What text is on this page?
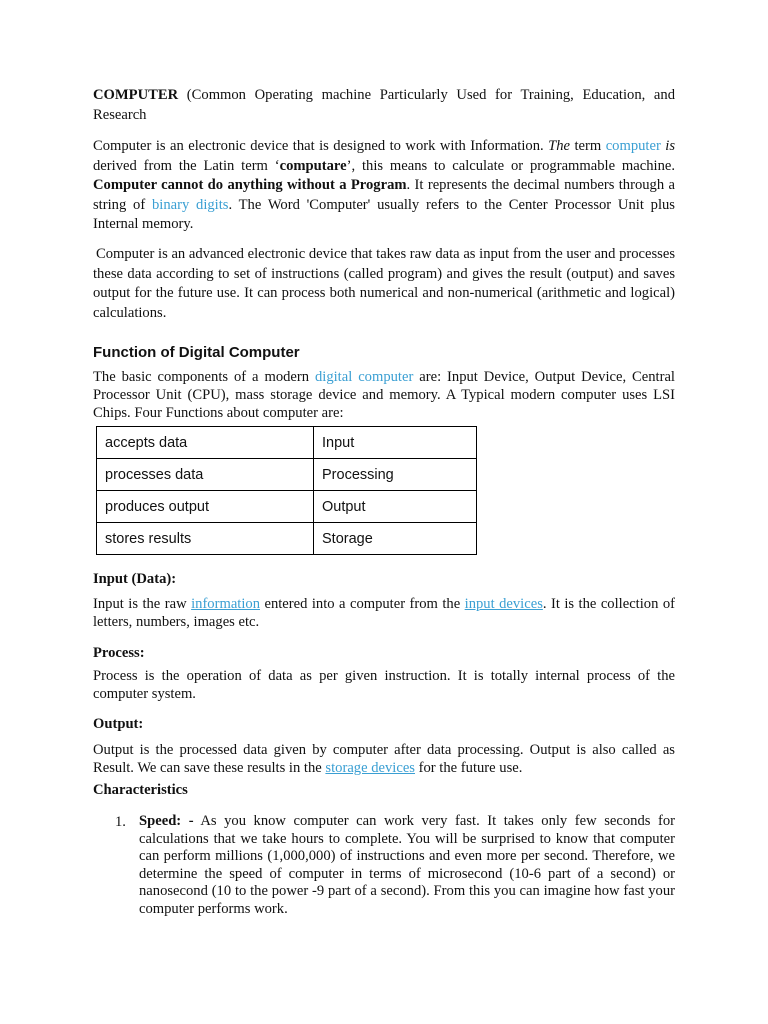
COMPUTER (Common Operating machine Particularly Used for Training, Education, and Research

Computer is an electronic device that is designed to work with Information. The term computer is derived from the Latin term ‘computare’, this means to calculate or programmable machine. Computer cannot do anything without a Program. It represents the decimal numbers through a string of binary digits. The Word 'Computer' usually refers to the Center Processor Unit plus Internal memory.

Computer is an advanced electronic device that takes raw data as input from the user and processes these data according to set of instructions (called program) and gives the result (output) and saves output for the future use. It can process both numerical and non-numerical (arithmetic and logical) calculations.

Function of Digital Computer

The basic components of a modern digital computer are: Input Device, Output Device, Central Processor Unit (CPU), mass storage device and memory. A Typical modern computer uses LSI Chips. Four Functions about computer are:

accepts data	Input
processes data	Processing
produces output	Output
stores results	Storage
Input (Data):

Input is the raw information entered into a computer from the input devices. It is the collection of letters, numbers, images etc.

Process:

Process is the operation of data as per given instruction. It is totally internal process of the computer system.

Output:

Output is the processed data given by computer after data processing. Output is also called as Result. We can save these results in the storage devices for the future use.

Characteristics
1. Speed: - As you know computer can work very fast. It takes only few seconds for calculations that we take hours to complete. You will be surprised to know that computer can perform millions (1,000,000) of instructions and even more per second. Therefore, we determine the speed of computer in terms of microsecond (10-6 part of a second) or nanosecond (10 to the power -9 part of a second). From this you can imagine how fast your computer performs work.
